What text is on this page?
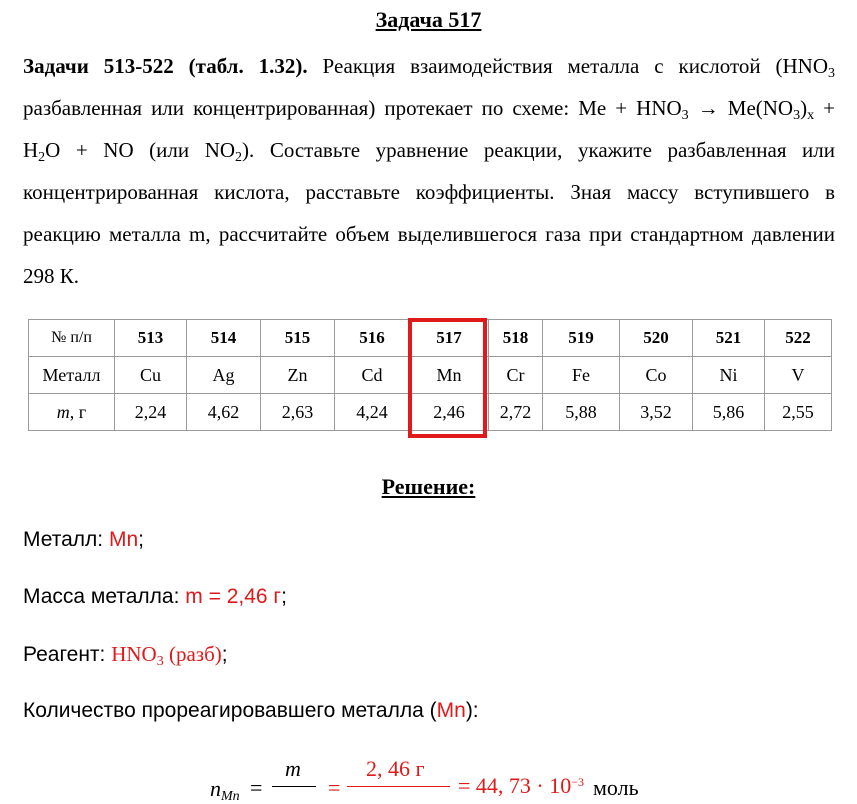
Задача 517
Задачи 513-522 (табл. 1.32). Реакция взаимодействия металла с кислотой ($HNO_3$ разбавленная или концентрированная) протекает по схеме: $Me + HNO_3 \to Me(NO_3)_x + H_2O$ + NO (или $NO_2$). Составьте уравнение реакции, укажите разбавленная или концентрированная кислота, расставьте коэффициенты. Зная массу вступившего в реакцию металла m, рассчитайте объем выделившегося газа при стандартном давлении 298 К.
№ п/п	513	514	515	516	517	518	519	520	521	522
Металл	Cu	Ag	Zn	Cd	Mn	Cr	Fe	Co	Ni	V
m, г	2,24	4,62	2,63	4,24	2,46	2,72	5,88	3,52	5,86	2,55
Решение:
Металл: Mn;
Масса металла: m = 2,46 г;
Реагент: $HNO_3$ (разб);
Количество прореагировавшего металла (Mn):
$n_{Mn}$ =
m
=
2, 46 г
= 44, $73 \cdot 10^{-3}$ моль
